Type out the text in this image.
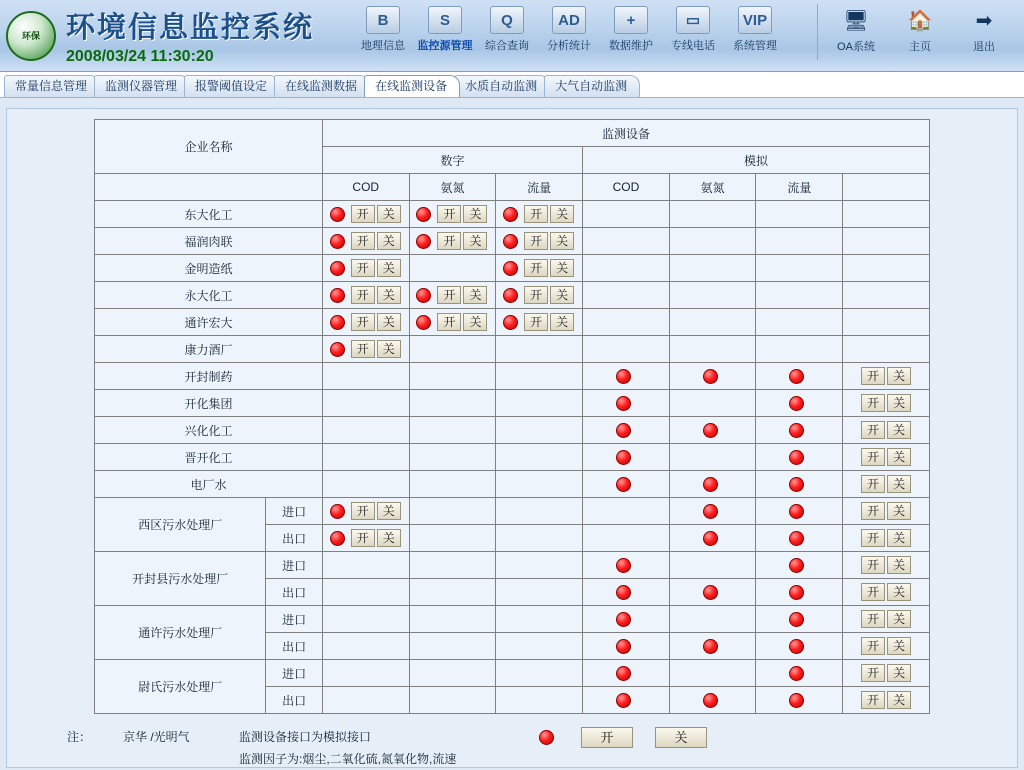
环保 环境信息监控系统
2008/03/24 11:30:20
B
地理信息
S
监控源管理
Q
综合查询
AD
分析统计
+
数据维护
▭
专线电话
VIP
系统管理
🖥
OA系统
🏠
主页
➡
退出
常量信息管理	监测仪器管理	报警阈值设定	在线监测数据	在线监测设备	水质自动监测	大气自动监测
企业名称		监测设备						
		数字			模拟			
		COD	氨氮	流量	COD	氨氮	流量	
东大化工		开 关	开 关	开 关				

福润肉联		开 关	开 关	开 关				

金明造纸		开 关		开 关				

永大化工		开 关	开 关	开 关				

通许宏大		开 关	开 关	开 关				

康力酒厂		开 关						

开封制药								开 关

开化集团								开 关

兴化化工								开 关

晋开化工								开 关

电厂水								开 关

西区污水处理厂	进口	开 关						开 关

	出口	开 关						开 关

开封县污水处理厂	进口							开 关

	出口							开 关

通许污水处理厂	进口							开 关

	出口							开 关

尉氏污水处理厂	进口							开 关

	出口							开 关
注：	京华 /光明气	监测设备接口为模拟接口	开	关
监测因子为:烟尘,二氧化硫,氮氧化物,流速
